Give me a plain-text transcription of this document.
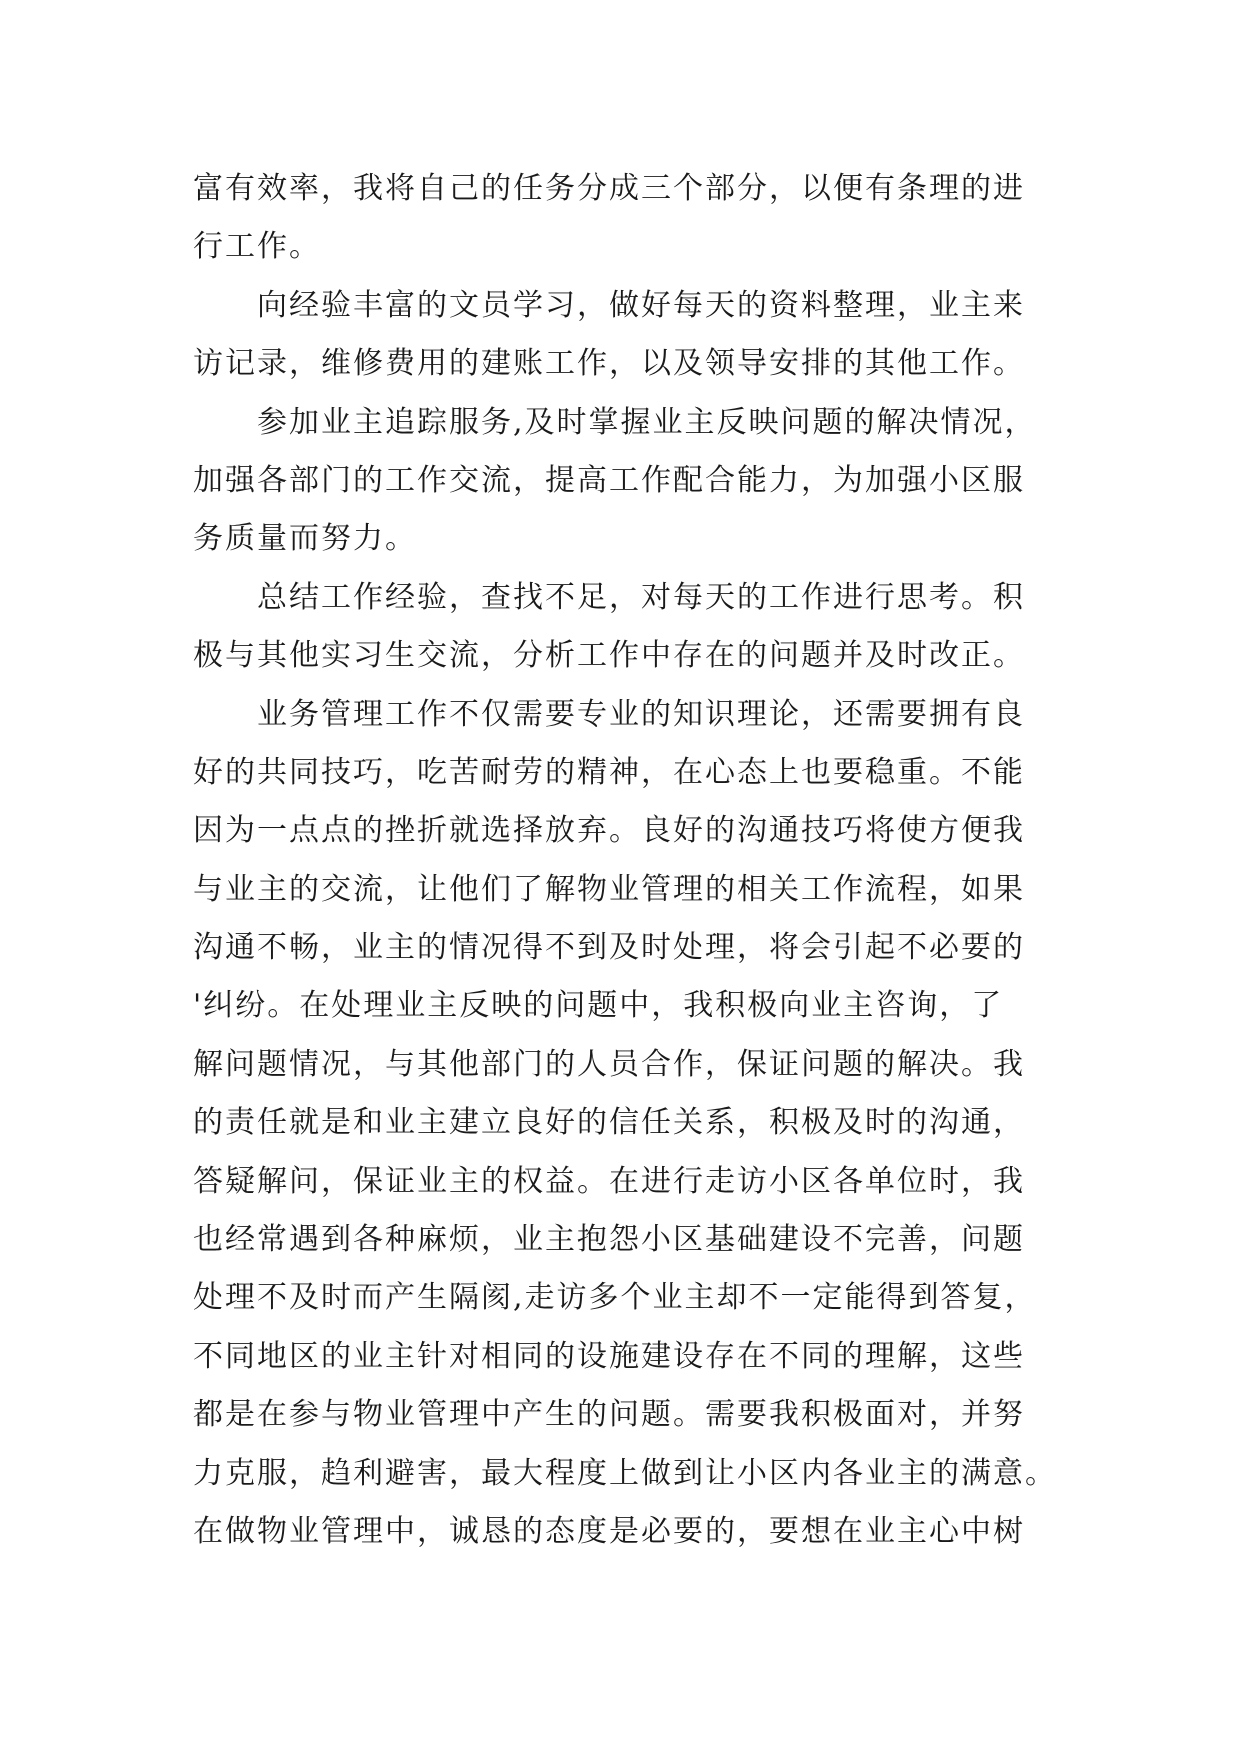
富有效率，我将自己的任务分成三个部分，以便有条理的进
行工作。
向经验丰富的文员学习，做好每天的资料整理，业主来
访记录，维修费用的建账工作，以及领导安排的其他工作。
参加业主追踪服务,及时掌握业主反映问题的解决情况，
加强各部门的工作交流，提高工作配合能力，为加强小区服
务质量而努力。
总结工作经验，查找不足，对每天的工作进行思考。积
极与其他实习生交流，分析工作中存在的问题并及时改正。
业务管理工作不仅需要专业的知识理论，还需要拥有良
好的共同技巧，吃苦耐劳的精神，在心态上也要稳重。不能
因为一点点的挫折就选择放弃。良好的沟通技巧将使方便我
与业主的交流，让他们了解物业管理的相关工作流程，如果
沟通不畅，业主的情况得不到及时处理，将会引起不必要的
'纠纷。在处理业主反映的问题中，我积极向业主咨询，了
解问题情况，与其他部门的人员合作，保证问题的解决。我
的责任就是和业主建立良好的信任关系，积极及时的沟通，
答疑解问，保证业主的权益。在进行走访小区各单位时，我
也经常遇到各种麻烦，业主抱怨小区基础建设不完善，问题
处理不及时而产生隔阂,走访多个业主却不一定能得到答复，
不同地区的业主针对相同的设施建设存在不同的理解，这些
都是在参与物业管理中产生的问题。需要我积极面对，并努
力克服，趋利避害，最大程度上做到让小区内各业主的满意。
在做物业管理中，诚恳的态度是必要的，要想在业主心中树
